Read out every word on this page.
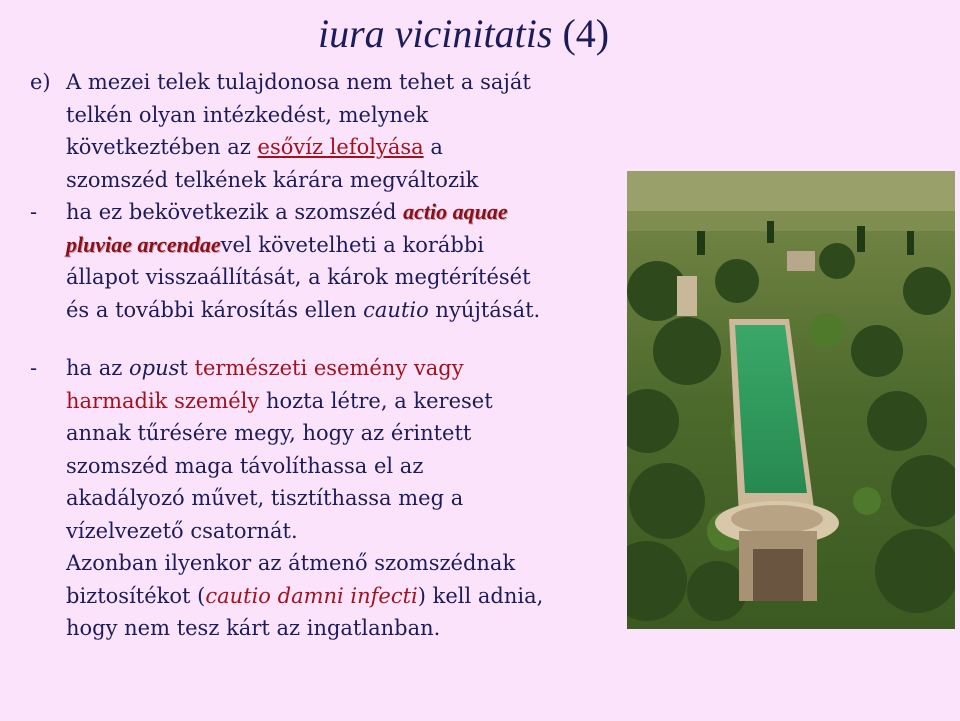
iura vicinitatis (4)
e) A mezei telek tulajdonosa nem tehet a saját
telkén olyan intézkedést, melynek
következtében az esővíz lefolyása a
szomszéd telkének kárára megváltozik
- ha ez bekövetkezik a szomszéd actio aquae
pluviae arcendaevel követelheti a korábbi
állapot visszaállítását, a károk megtérítését
és a további károsítás ellen cautio nyújtását.
- ha az opust természeti esemény vagy
harmadik személy hozta létre, a kereset
annak tűrésére megy, hogy az érintett
szomszéd maga távolíthassa el az
akadályozó művet, tisztíthassa meg a
vízelvezető csatornát.
Azonban ilyenkor az átmenő szomszédnak
biztosítékot (cautio damni infecti) kell adnia,
hogy nem tesz kárt az ingatlanban.
